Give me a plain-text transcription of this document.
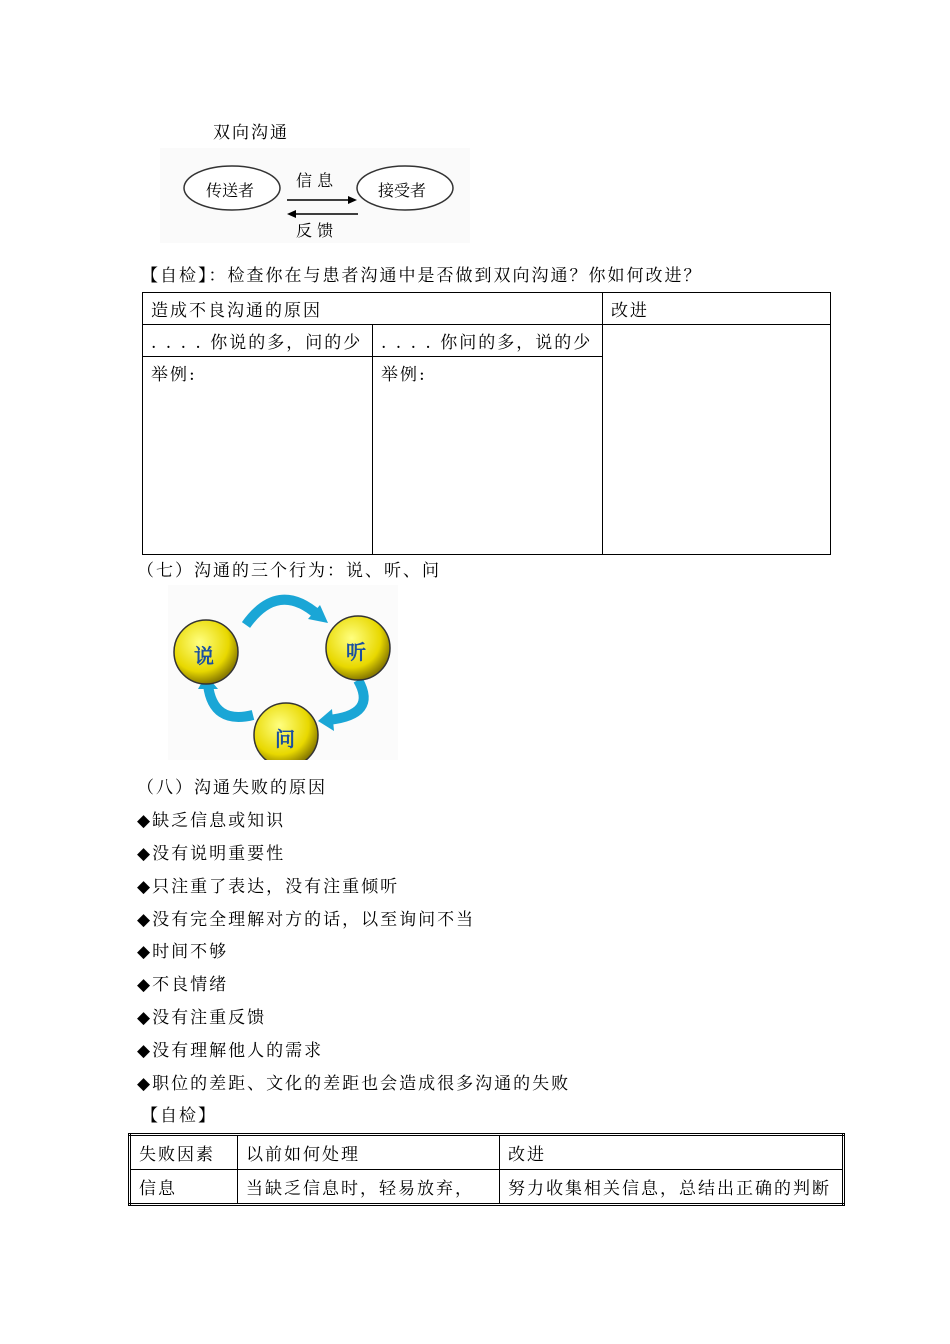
双向沟通
传送者	接受者
信 息
反 馈
【自检】：检查你在与患者沟通中是否做到双向沟通？你如何改进？
造成不良沟通的原因		改进
. . . . 你说的多，问的少	. . . . 你问的多，说的少	
举例:	举例:	
（七）沟通的三个行为：说、听、问
说	听
问
（八）沟通失败的原因
◆缺乏信息或知识
◆没有说明重要性
◆只注重了表达，没有注重倾听
◆没有完全理解对方的话，以至询问不当
◆时间不够
◆不良情绪
◆没有注重反馈
◆没有理解他人的需求
◆职位的差距、文化的差距也会造成很多沟通的失败
【自检】
失败因素	以前如何处理	改进
信息	当缺乏信息时，轻易放弃，	努力收集相关信息，总结出正确的判断
